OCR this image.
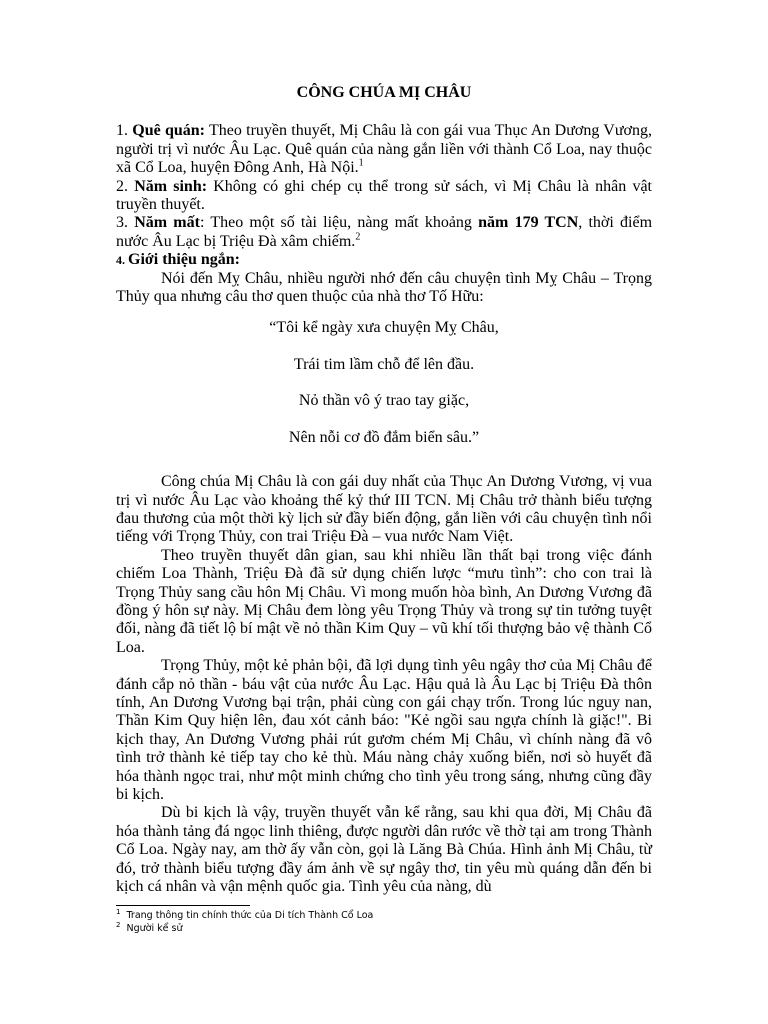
CÔNG CHÚA MỊ CHÂU
1. Quê quán: Theo truyền thuyết, Mị Châu là con gái vua Thục An Dương Vương, người trị vì nước Âu Lạc. Quê quán của nàng gắn liền với thành Cổ Loa, nay thuộc xã Cổ Loa, huyện Đông Anh, Hà Nội.$^1$
2. Năm sinh: Không có ghi chép cụ thể trong sử sách, vì Mị Châu là nhân vật truyền thuyết.
3. Năm mất: Theo một số tài liệu, nàng mất khoảng năm 179 TCN, thời điểm nước Âu Lạc bị Triệu Đà xâm chiếm.$^2$
4. Giới thiệu ngắn:
Nói đến Mỵ Châu, nhiều người nhớ đến câu chuyện tình Mỵ Châu – Trọng Thủy qua nhưng câu thơ quen thuộc của nhà thơ Tố Hữu:
“Tôi kể ngày xưa chuyện Mỵ Châu,
Trái tim lầm chỗ để lên đầu.
Nỏ thần vô ý trao tay giặc,
Nên nỗi cơ đồ đắm biển sâu.”
Công chúa Mị Châu là con gái duy nhất của Thục An Dương Vương, vị vua trị vì nước Âu Lạc vào khoảng thế kỷ thứ III TCN. Mị Châu trở thành biểu tượng đau thương của một thời kỳ lịch sử đầy biến động, gắn liền với câu chuyện tình nổi tiếng với Trọng Thủy, con trai Triệu Đà – vua nước Nam Việt.
Theo truyền thuyết dân gian, sau khi nhiều lần thất bại trong việc đánh chiếm Loa Thành, Triệu Đà đã sử dụng chiến lược “mưu tình”: cho con trai là Trọng Thủy sang cầu hôn Mị Châu. Vì mong muốn hòa bình, An Dương Vương đã đồng ý hôn sự này. Mị Châu đem lòng yêu Trọng Thủy và trong sự tin tưởng tuyệt đối, nàng đã tiết lộ bí mật về nỏ thần Kim Quy – vũ khí tối thượng bảo vệ thành Cổ Loa.
Trọng Thủy, một kẻ phản bội, đã lợi dụng tình yêu ngây thơ của Mị Châu để đánh cắp nỏ thần - báu vật của nước Âu Lạc. Hậu quả là Âu Lạc bị Triệu Đà thôn tính, An Dương Vương bại trận, phải cùng con gái chạy trốn. Trong lúc nguy nan, Thần Kim Quy hiện lên, đau xót cảnh báo: "Kẻ ngồi sau ngựa chính là giặc!". Bi kịch thay, An Dương Vương phải rút gươm chém Mị Châu, vì chính nàng đã vô tình trở thành kẻ tiếp tay cho kẻ thù. Máu nàng chảy xuống biển, nơi sò huyết đã hóa thành ngọc trai, như một minh chứng cho tình yêu trong sáng, nhưng cũng đầy bi kịch.
Dù bi kịch là vậy, truyền thuyết vẫn kể rằng, sau khi qua đời, Mị Châu đã hóa thành tảng đá ngọc linh thiêng, được người dân rước về thờ tại am trong Thành Cổ Loa. Ngày nay, am thờ ấy vẫn còn, gọi là Lăng Bà Chúa. Hình ảnh Mị Châu, từ đó, trở thành biểu tượng đầy ám ảnh về sự ngây thơ, tin yêu mù quáng dẫn đến bi kịch cá nhân và vận mệnh quốc gia. Tình yêu của nàng, dù
$^1$ Trang thông tin chính thức của Di tích Thành Cổ Loa
$^2$ Người kể sử
